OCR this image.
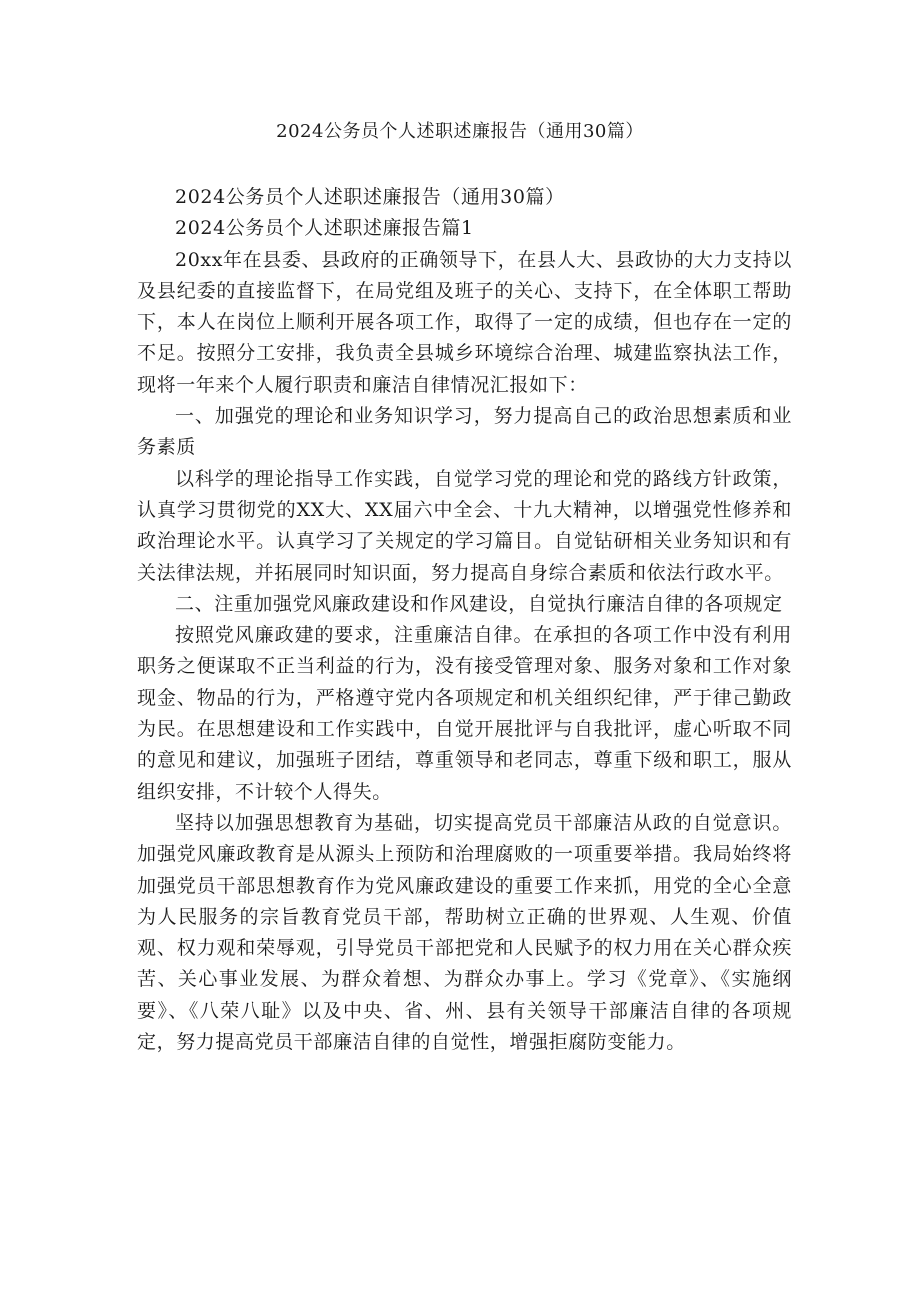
2024公务员个人述职述廉报告（通用30篇）

2024公务员个人述职述廉报告（通用30篇）

2024公务员个人述职述廉报告篇1

20xx年在县委、县政府的正确领导下，在县人大、县政协的大力支持以及县纪委的直接监督下，在局党组及班子的关心、支持下，在全体职工帮助下，本人在岗位上顺利开展各项工作，取得了一定的成绩，但也存在一定的不足。按照分工安排，我负责全县城乡环境综合治理、城建监察执法工作，现将一年来个人履行职责和廉洁自律情况汇报如下：

一、加强党的理论和业务知识学习，努力提高自己的政治思想素质和业务素质

以科学的理论指导工作实践，自觉学习党的理论和党的路线方针政策，认真学习贯彻党的XX大、XX届六中全会、十九大精神，以增强党性修养和政治理论水平。认真学习了关规定的学习篇目。自觉钻研相关业务知识和有关法律法规，并拓展同时知识面，努力提高自身综合素质和依法行政水平。

二、注重加强党风廉政建设和作风建设，自觉执行廉洁自律的各项规定

按照党风廉政建的要求，注重廉洁自律。在承担的各项工作中没有利用职务之便谋取不正当利益的行为，没有接受管理对象、服务对象和工作对象现金、物品的行为，严格遵守党内各项规定和机关组织纪律，严于律己勤政为民。在思想建设和工作实践中，自觉开展批评与自我批评，虚心听取不同的意见和建议，加强班子团结，尊重领导和老同志，尊重下级和职工，服从组织安排，不计较个人得失。

坚持以加强思想教育为基础，切实提高党员干部廉洁从政的自觉意识。加强党风廉政教育是从源头上预防和治理腐败的一项重要举措。我局始终将加强党员干部思想教育作为党风廉政建设的重要工作来抓，用党的全心全意为人民服务的宗旨教育党员干部，帮助树立正确的世界观、人生观、价值观、权力观和荣辱观，引导党员干部把党和人民赋予的权力用在关心群众疾苦、关心事业发展、为群众着想、为群众办事上。学习《党章》、《实施纲要》、《八荣八耻》以及中央、省、州、县有关领导干部廉洁自律的各项规定，努力提高党员干部廉洁自律的自觉性，增强拒腐防变能力。
